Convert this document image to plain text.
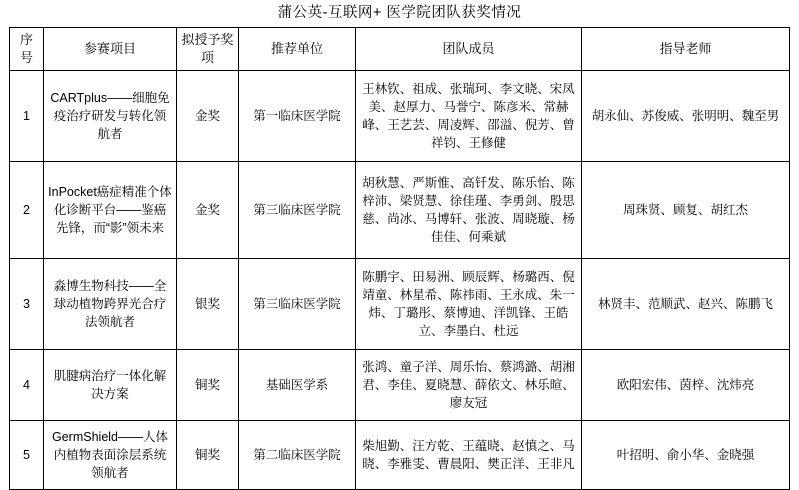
蒲公英-互联网+ 医学院团队获奖情况
序号	参赛项目	拟授予奖项	推荐单位	团队成员	指导老师
1	CARTplus――细胞免疫治疗研发与转化领航者	金奖	第一临床医学院	王林钦、祖成、张瑞珂、李文晓、宋凤美、赵厚力、马誉宁、陈彦米、常赫峰、王艺芸、周凌辉、邵溢、倪芳、曾祥钧、王修健	胡永仙、苏俊威、张明明、魏至男
2	InPocket癌症精准个体化诊断平台——鉴癌先锋，而“影”领未来	金奖	第三临床医学院	胡秋慧、严斯惟、高钎发、陈乐怡、陈梓沛、梁贤慧、徐佳瑾、李勇剑、殷思慈、尚冰、马博轩、张波、周晓璇、杨佳佳、何乘斌	周珠贤、顾复、胡红杰
3	淼博生物科技——全球动植物跨界光合疗法领航者	银奖	第三临床医学院	陈鹏宇、田易洲、顾辰辉、杨璐西、倪靖童、林星希、陈祎雨、王永成、朱一炜、丁璐彤、蔡博迪、洋凯锋、王皓立、李墨白、杜远	林贤丰、范顺武、赵兴、陈鹏飞
4	肌腱病治疗一体化解决方案	铜奖	基础医学系	张鸿、童子洋、周乐怡、蔡鸿潞、胡湘君、李佳、夏晓慧、薛依文、林乐暄、廖友冠	欧阳宏伟、茵梓、沈炜亮
5	GermShield——人体内植物表面涂层系统领航者	铜奖	第二临床医学院	柴旭勤、汪方乾、王蕴晓、赵慎之、马晓、李雅雯、曹晨阳、樊正洋、王非凡	叶招明、俞小华、金晓强
